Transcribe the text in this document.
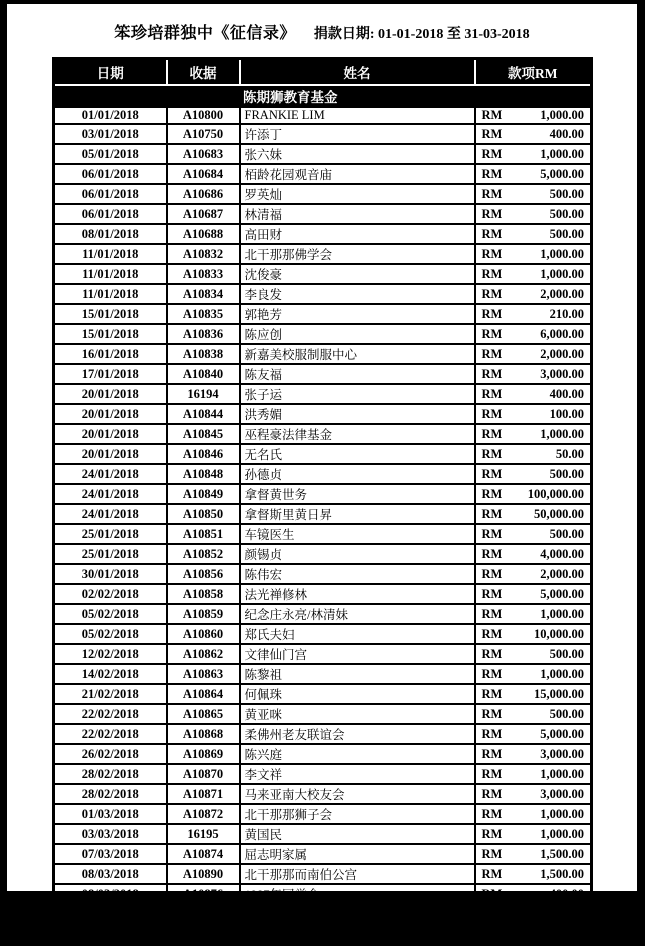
笨珍培群独中《征信录》 捐款日期: 01-01-2018 至 31-03-2018
日期	收据	姓名	款项RM
陈期狮教育基金			
01/01/2018	A10800	FRANKIE LIM	RM 1,000.00

03/01/2018	A10750	许添丁	RM 400.00

05/01/2018	A10683	张六妹	RM 1,000.00

06/01/2018	A10684	栢龄花园观音庙	RM 5,000.00

06/01/2018	A10686	罗英灿	RM 500.00

06/01/2018	A10687	林清福	RM 500.00

08/01/2018	A10688	高田财	RM 500.00

11/01/2018	A10832	北干那那佛学会	RM 1,000.00

11/01/2018	A10833	沈俊豪	RM 1,000.00

11/01/2018	A10834	李良发	RM 2,000.00

15/01/2018	A10835	郭艳芳	RM 210.00

15/01/2018	A10836	陈应创	RM 6,000.00

16/01/2018	A10838	新嘉美校服制服中心	RM 2,000.00

17/01/2018	A10840	陈友福	RM 3,000.00

20/01/2018	16194	张子运	RM 400.00

20/01/2018	A10844	洪秀媚	RM 100.00

20/01/2018	A10845	巫程豪法律基金	RM 1,000.00

20/01/2018	A10846	无名氏	RM 50.00

24/01/2018	A10848	孙德贞	RM 500.00

24/01/2018	A10849	拿督黄世务	RM 100,000.00

24/01/2018	A10850	拿督斯里黄日昇	RM 50,000.00

25/01/2018	A10851	车镜医生	RM 500.00

25/01/2018	A10852	颜锡贞	RM 4,000.00

30/01/2018	A10856	陈伟宏	RM 2,000.00

02/02/2018	A10858	法光禅修林	RM 5,000.00

05/02/2018	A10859	纪念庄永亮/林清妹	RM 1,000.00

05/02/2018	A10860	郑氏夫妇	RM 10,000.00

12/02/2018	A10862	文律仙门宫	RM 500.00

14/02/2018	A10863	陈黎祖	RM 1,000.00

21/02/2018	A10864	何佩珠	RM 15,000.00

22/02/2018	A10865	黄亚咪	RM 500.00

22/02/2018	A10868	柔佛州老友联谊会	RM 5,000.00

26/02/2018	A10869	陈兴庭	RM 3,000.00

28/02/2018	A10870	李文祥	RM 1,000.00

28/02/2018	A10871	马来亚南大校友会	RM 3,000.00

01/03/2018	A10872	北干那那狮子会	RM 1,000.00

03/03/2018	16195	黄国民	RM 1,000.00

07/03/2018	A10874	屈志明家属	RM 1,500.00

08/03/2018	A10890	北干那那而南伯公宫	RM 1,500.00

08/03/2018	A10876	1987年同学会	RM 400.00

12/03/2018	A10877	江坤财	RM 1,000.00

13/03/2018	A10878	面之家	RM 100.00
